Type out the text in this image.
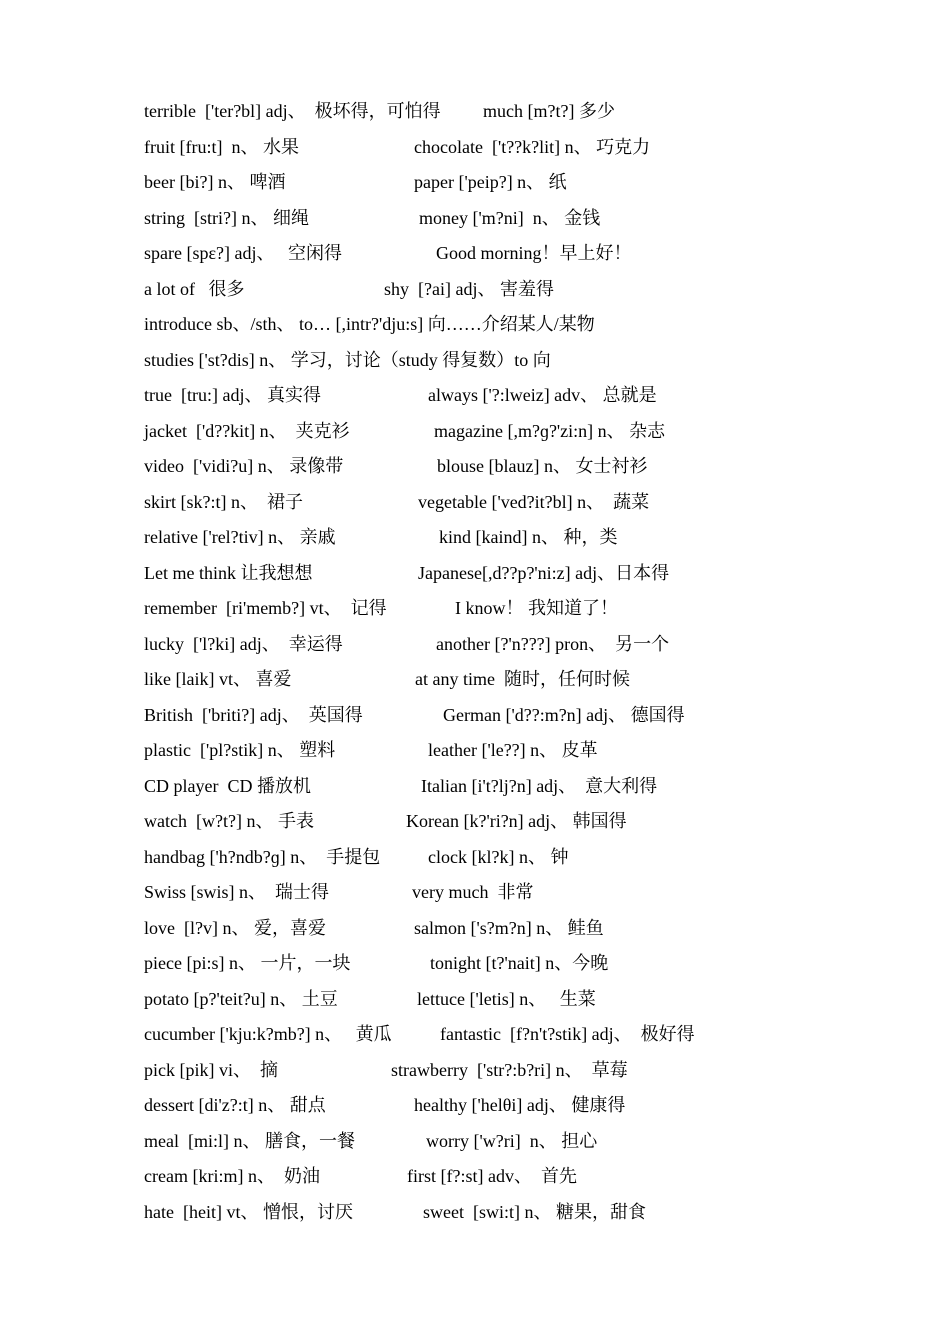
terrible  ['ter?bl] adj、  极坏得，可怕得 much [m?t?] 多少
fruit [fru:t]  n、 水果	chocolate  ['t??k?lit] n、 巧克力
beer [bi?] n、 啤酒	paper ['peip?] n、 纸
string  [stri?] n、 细绳	money ['m?ni]  n、 金钱
spare [spɛ?] adj、   空闲得	Good morning！早上好！
a lot of   很多	shy  [?ai] adj、 害羞得
introduce sb、/sth、 to… [,intr?'dju:s] 向……介绍某人/某物
studies ['st?dis] n、 学习，讨论（study 得复数）to 向
true  [tru:] adj、 真实得	always ['?:lweiz] adv、 总就是
jacket  ['d??kit] n、  夹克衫	magazine [,m?ɡ?'zi:n] n、 杂志
video  ['vidi?u] n、 录像带	blouse [blauz] n、 女士衬衫
skirt [sk?:t] n、  裙子	vegetable ['ved?it?bl] n、  蔬菜
relative ['rel?tiv] n、 亲戚	kind [kaind] n、 种，类
Let me think 让我想想	Japanese[,d??p?'ni:z] adj、日本得
remember  [ri'memb?] vt、  记得	I know！ 我知道了！
lucky  ['l?ki] adj、  幸运得	another [?'n???] pron、  另一个
like [laik] vt、 喜爱	at any time  随时，任何时候
British  ['briti?] adj、  英国得	German ['d??:m?n] adj、 德国得
plastic  ['pl?stik] n、 塑料	leather ['le??] n、 皮革
CD player  CD 播放机	Italian [i't?lj?n] adj、  意大利得
watch  [w?t?] n、 手表	Korean [k?'ri?n] adj、 韩国得
handbag ['h?ndb?ɡ] n、  手提包	clock [kl?k] n、 钟
Swiss [swis] n、  瑞士得	very much  非常
love  [l?v] n、 爱，喜爱	salmon ['s?m?n] n、 鲑鱼
piece [pi:s] n、 一片，一块	tonight [t?'nait] n、今晚
potato [p?'teit?u] n、 土豆	lettuce ['letis] n、   生菜
cucumber ['kju:k?mb?] n、   黄瓜	fantastic  [f?n't?stik] adj、  极好得
pick [pik] vi、  摘	strawberry  ['str?:b?ri] n、  草莓
dessert [di'z?:t] n、 甜点	healthy ['helθi] adj、 健康得
meal  [mi:l] n、 膳食，一餐	worry ['w?ri]  n、 担心
cream [kri:m] n、  奶油	first [f?:st] adv、  首先
hate  [heit] vt、 憎恨，讨厌	sweet  [swi:t] n、 糖果，甜食
